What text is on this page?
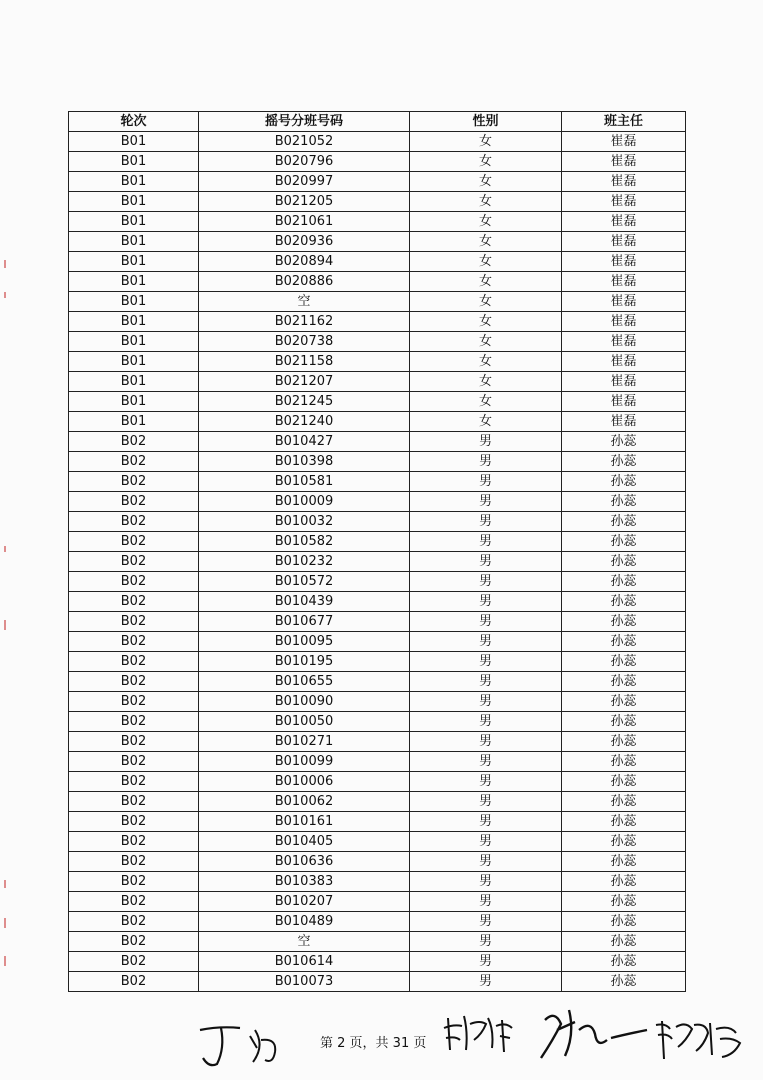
轮次	摇号分班号码	性别	班主任
B01	B021052	女	崔磊
B01	B020796	女	崔磊
B01	B020997	女	崔磊
B01	B021205	女	崔磊
B01	B021061	女	崔磊
B01	B020936	女	崔磊
B01	B020894	女	崔磊
B01	B020886	女	崔磊
B01	空	女	崔磊
B01	B021162	女	崔磊
B01	B020738	女	崔磊
B01	B021158	女	崔磊
B01	B021207	女	崔磊
B01	B021245	女	崔磊
B01	B021240	女	崔磊
B02	B010427	男	孙蕊
B02	B010398	男	孙蕊
B02	B010581	男	孙蕊
B02	B010009	男	孙蕊
B02	B010032	男	孙蕊
B02	B010582	男	孙蕊
B02	B010232	男	孙蕊
B02	B010572	男	孙蕊
B02	B010439	男	孙蕊
B02	B010677	男	孙蕊
B02	B010095	男	孙蕊
B02	B010195	男	孙蕊
B02	B010655	男	孙蕊
B02	B010090	男	孙蕊
B02	B010050	男	孙蕊
B02	B010271	男	孙蕊
B02	B010099	男	孙蕊
B02	B010006	男	孙蕊
B02	B010062	男	孙蕊
B02	B010161	男	孙蕊
B02	B010405	男	孙蕊
B02	B010636	男	孙蕊
B02	B010383	男	孙蕊
B02	B010207	男	孙蕊
B02	B010489	男	孙蕊
B02	空	男	孙蕊
B02	B010614	男	孙蕊
B02	B010073	男	孙蕊
第 2 页，共 31 页
